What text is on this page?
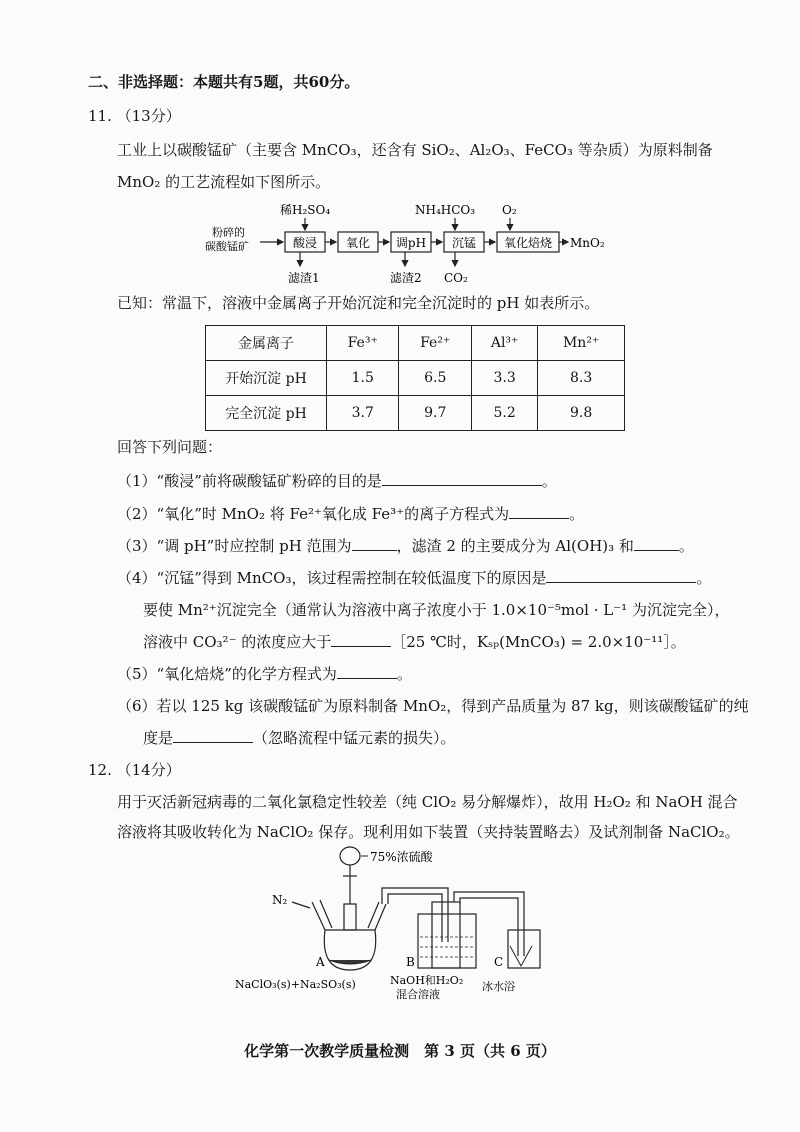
二、非选择题：本题共有5题，共60分。
11. （13分）
工业上以碳酸锰矿（主要含 MnCO₃，还含有 SiO₂、Al₂O₃、FeCO₃ 等杂质）为原料制备
MnO₂ 的工艺流程如下图所示。
粉碎的
碳酸锰矿	酸浸 氧化 调pH 沉锰 氧化焙烧 MnO₂
稀H₂SO₄	NH₄HCO₃ O₂
滤渣1	滤渣2 CO₂
已知：常温下，溶液中金属离子开始沉淀和完全沉淀时的 pH 如表所示。
金属离子	Fe³⁺	Fe²⁺	Al³⁺	Mn²⁺
开始沉淀 pH	1.5	6.5	3.3	8.3
完全沉淀 pH	3.7	9.7	5.2	9.8
回答下列问题：
（1）“酸浸”前将碳酸锰矿粉碎的目的是	。
（2）“氧化”时 MnO₂ 将 Fe²⁺氧化成 Fe³⁺的离子方程式为	。
（3）“调 pH”时应控制 pH 范围为	，滤渣 2 的主要成分为 Al(OH)₃ 和	。
（4）“沉锰”得到 MnCO₃，该过程需控制在较低温度下的原因是	。
要使 Mn²⁺沉淀完全（通常认为溶液中离子浓度小于 1.0×10⁻⁵mol · L⁻¹ 为沉淀完全），
溶液中 CO₃²⁻ 的浓度应大于	［25 ℃时，Kₛₚ(MnCO₃) = 2.0×10⁻¹¹］。
（5）“氧化焙烧”的化学方程式为	。
（6）若以 125 kg 该碳酸锰矿为原料制备 MnO₂，得到产品质量为 87 kg，则该碳酸锰矿的纯
度是	（忽略流程中锰元素的损失）。
12. （14分）
用于灭活新冠病毒的二氧化氯稳定性较差（纯 ClO₂ 易分解爆炸），故用 H₂O₂ 和 NaOH 混合
溶液将其吸收转化为 NaClO₂ 保存。现利用如下装置（夹持装置略去）及试剂制备 NaClO₂。
75%浓硫酸
N₂
A	B	C
NaClO₃(s)+Na₂SO₃(s)	NaOH和H₂O₂
混合溶液
冰水浴
化学第一次教学质量检测　第 3 页（共 6 页）
